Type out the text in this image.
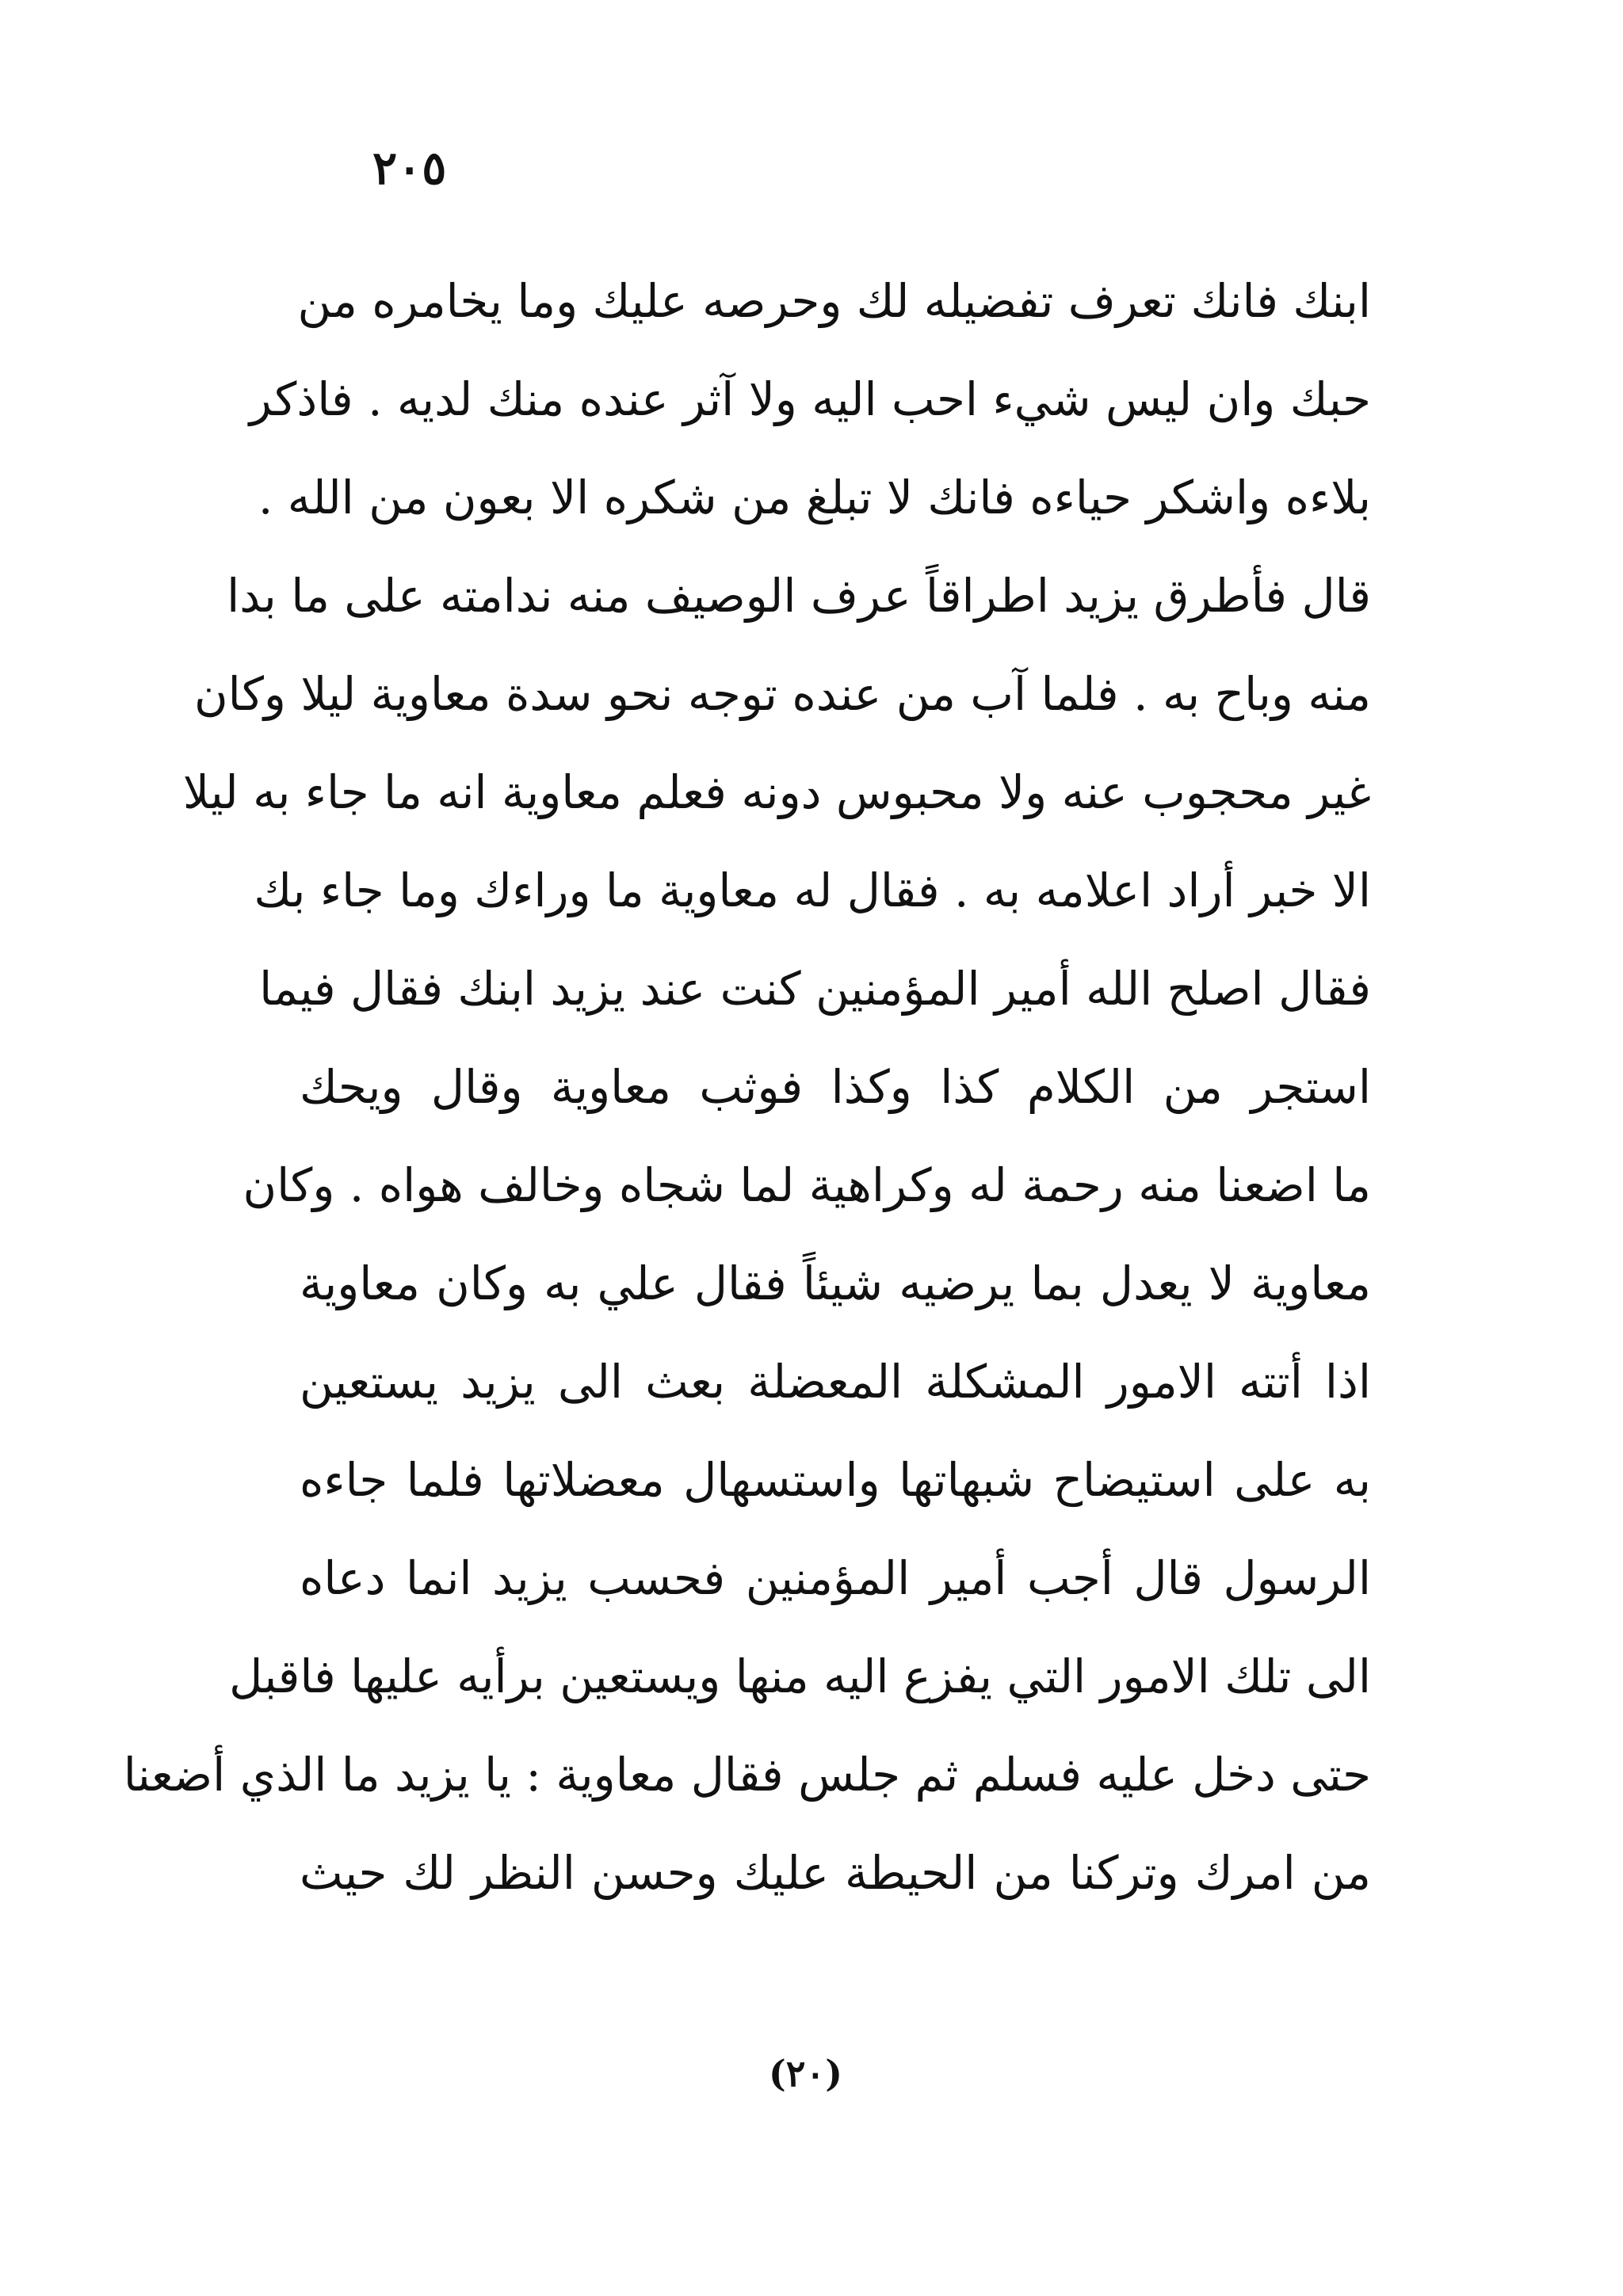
٢٠٥
ابنك فانك تعرف تفضيله لك وحرصه عليك وما يخامره من
حبك وان ليس شيء احب اليه ولا آثر عنده منك لديه . فاذكر
بلاءه واشكر حياءه فانك لا تبلغ من شكره الا بعون من الله .
قال فأطرق يزيد اطراقاً عرف الوصيف منه ندامته على ما بدا
منه وباح به . فلما آب من عنده توجه نحو سدة معاوية ليلا وكان
غير محجوب عنه ولا محبوس دونه فعلم معاوية انه ما جاء به ليلا
الا خبر أراد اعلامه به . فقال له معاوية ما وراءك وما جاء بك
فقال اصلح الله أمير المؤمنين كنت عند يزيد ابنك فقال فيما
استجر من الكلام كذا وكذا فوثب معاوية وقال ويحك
ما اضعنا منه رحمة له وكراهية لما شجاه وخالف هواه . وكان
معاوية لا يعدل بما يرضيه شيئاً فقال علي به وكان معاوية
اذا أتته الامور المشكلة المعضلة بعث الى يزيد يستعين
به على استيضاح شبهاتها واستسهال معضلاتها فلما جاءه
الرسول قال أجب أمير المؤمنين فحسب يزيد انما دعاه
الى تلك الامور التي يفزع اليه منها ويستعين برأيه عليها فاقبل
حتى دخل عليه فسلم ثم جلس فقال معاوية : يا يزيد ما الذي أضعنا
من امرك وتركنا من الحيطة عليك وحسن النظر لك حيث
(٢٠)
